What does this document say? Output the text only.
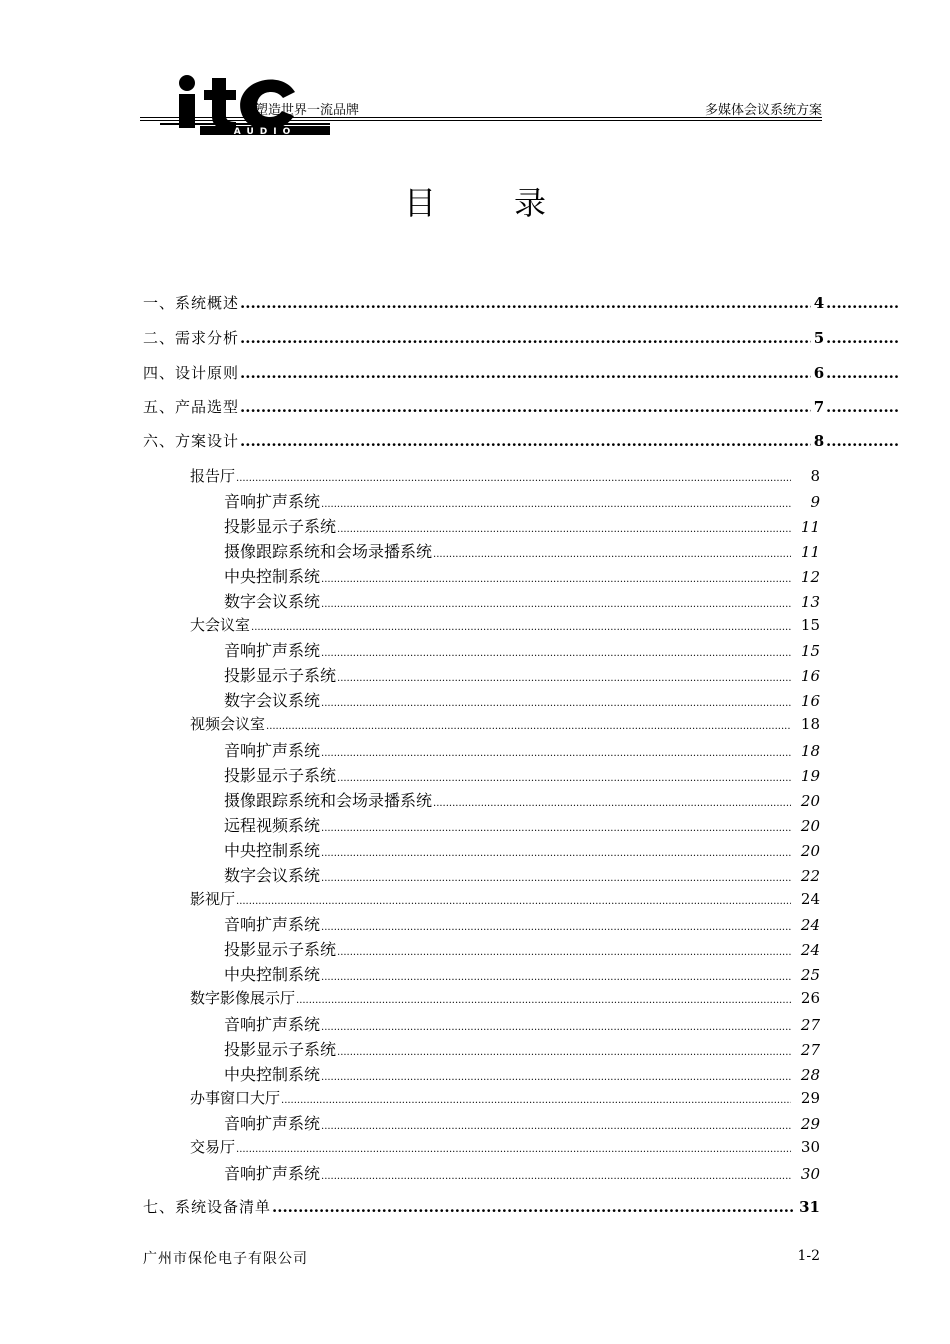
AUDIO
塑造世界一流品牌	多媒体会议系统方案
目录
一、系统概述 .....	4
.....
二、需求分析 .....	5
.....
四、设计原则 .....	6
.....
五、产品选型 .....	7
.....
六、方案设计 .....	8
.....
报告厅 .....	8
音响扩声系统 .....	9
投影显示子系统 .....	11
摄像跟踪系统和会场录播系统 .....	11
中央控制系统 .....	12
数字会议系统 .....	13
大会议室 .....	15
音响扩声系统 .....	15
投影显示子系统 .....	16
数字会议系统 .....	16
视频会议室 .....	18
音响扩声系统 .....	18
投影显示子系统 .....	19
摄像跟踪系统和会场录播系统 .....	20
远程视频系统 .....	20
中央控制系统 .....	20
数字会议系统 .....	22
影视厅 .....	24
音响扩声系统 .....	24
投影显示子系统 .....	24
中央控制系统 .....	25
数字影像展示厅 .....	26
音响扩声系统 .....	27
投影显示子系统 .....	27
中央控制系统 .....	28
办事窗口大厅 .....	29
音响扩声系统 .....	29
交易厅 .....	30
音响扩声系统 .....	30
七、系统设备清单 .....	31
广州市保伦电子有限公司	1-2
